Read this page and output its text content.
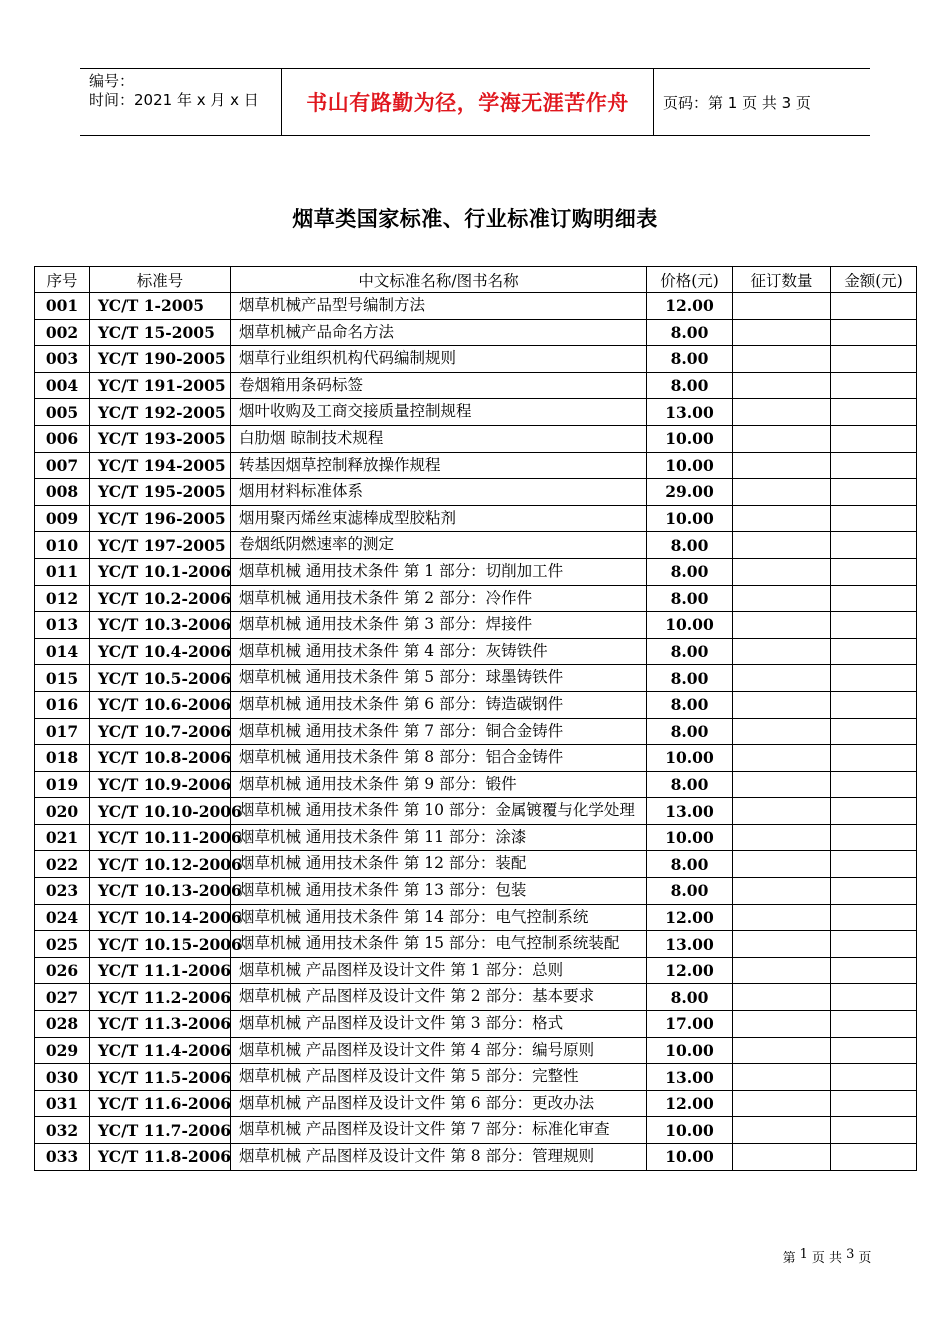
编号：
时间：2021 年 x 月 x 日	书山有路勤为径，学海无涯苦作舟	页码：第 1 页 共 3 页
烟草类国家标准、行业标准订购明细表
序号	标准号	中文标准名称/图书名称	价格(元)	征订数量	金额(元)
001	YC/T 1-2005	烟草机械产品型号编制方法	12.00		
002	YC/T 15-2005	烟草机械产品命名方法	8.00		
003	YC/T 190-2005	烟草行业组织机构代码编制规则	8.00		
004	YC/T 191-2005	卷烟箱用条码标签	8.00		
005	YC/T 192-2005	烟叶收购及工商交接质量控制规程	13.00		
006	YC/T 193-2005	白肋烟 晾制技术规程	10.00		
007	YC/T 194-2005	转基因烟草控制释放操作规程	10.00		
008	YC/T 195-2005	烟用材料标准体系	29.00		
009	YC/T 196-2005	烟用聚丙烯丝束滤棒成型胶粘剂	10.00		
010	YC/T 197-2005	卷烟纸阴燃速率的测定	8.00		
011	YC/T 10.1-2006	烟草机械 通用技术条件 第 1 部分：切削加工件	8.00		
012	YC/T 10.2-2006	烟草机械 通用技术条件 第 2 部分：冷作件	8.00		
013	YC/T 10.3-2006	烟草机械 通用技术条件 第 3 部分：焊接件	10.00		
014	YC/T 10.4-2006	烟草机械 通用技术条件 第 4 部分：灰铸铁件	8.00		
015	YC/T 10.5-2006	烟草机械 通用技术条件 第 5 部分：球墨铸铁件	8.00		
016	YC/T 10.6-2006	烟草机械 通用技术条件 第 6 部分：铸造碳钢件	8.00		
017	YC/T 10.7-2006	烟草机械 通用技术条件 第 7 部分：铜合金铸件	8.00		
018	YC/T 10.8-2006	烟草机械 通用技术条件 第 8 部分：铝合金铸件	10.00		
019	YC/T 10.9-2006	烟草机械 通用技术条件 第 9 部分：锻件	8.00		
020	YC/T 10.10-2006	烟草机械 通用技术条件 第 10 部分：金属镀覆与化学处理	13.00		
021	YC/T 10.11-2006	烟草机械 通用技术条件 第 11 部分：涂漆	10.00		
022	YC/T 10.12-2006	烟草机械 通用技术条件 第 12 部分：装配	8.00		
023	YC/T 10.13-2006	烟草机械 通用技术条件 第 13 部分：包装	8.00		
024	YC/T 10.14-2006	烟草机械 通用技术条件 第 14 部分：电气控制系统	12.00		
025	YC/T 10.15-2006	烟草机械 通用技术条件 第 15 部分：电气控制系统装配	13.00		
026	YC/T 11.1-2006	烟草机械 产品图样及设计文件 第 1 部分：总则	12.00		
027	YC/T 11.2-2006	烟草机械 产品图样及设计文件 第 2 部分：基本要求	8.00		
028	YC/T 11.3-2006	烟草机械 产品图样及设计文件 第 3 部分：格式	17.00		
029	YC/T 11.4-2006	烟草机械 产品图样及设计文件 第 4 部分：编号原则	10.00		
030	YC/T 11.5-2006	烟草机械 产品图样及设计文件 第 5 部分：完整性	13.00		
031	YC/T 11.6-2006	烟草机械 产品图样及设计文件 第 6 部分：更改办法	12.00		
032	YC/T 11.7-2006	烟草机械 产品图样及设计文件 第 7 部分：标准化审查	10.00		
033	YC/T 11.8-2006	烟草机械 产品图样及设计文件 第 8 部分：管理规则	10.00		
第 1 页 共 3 页
